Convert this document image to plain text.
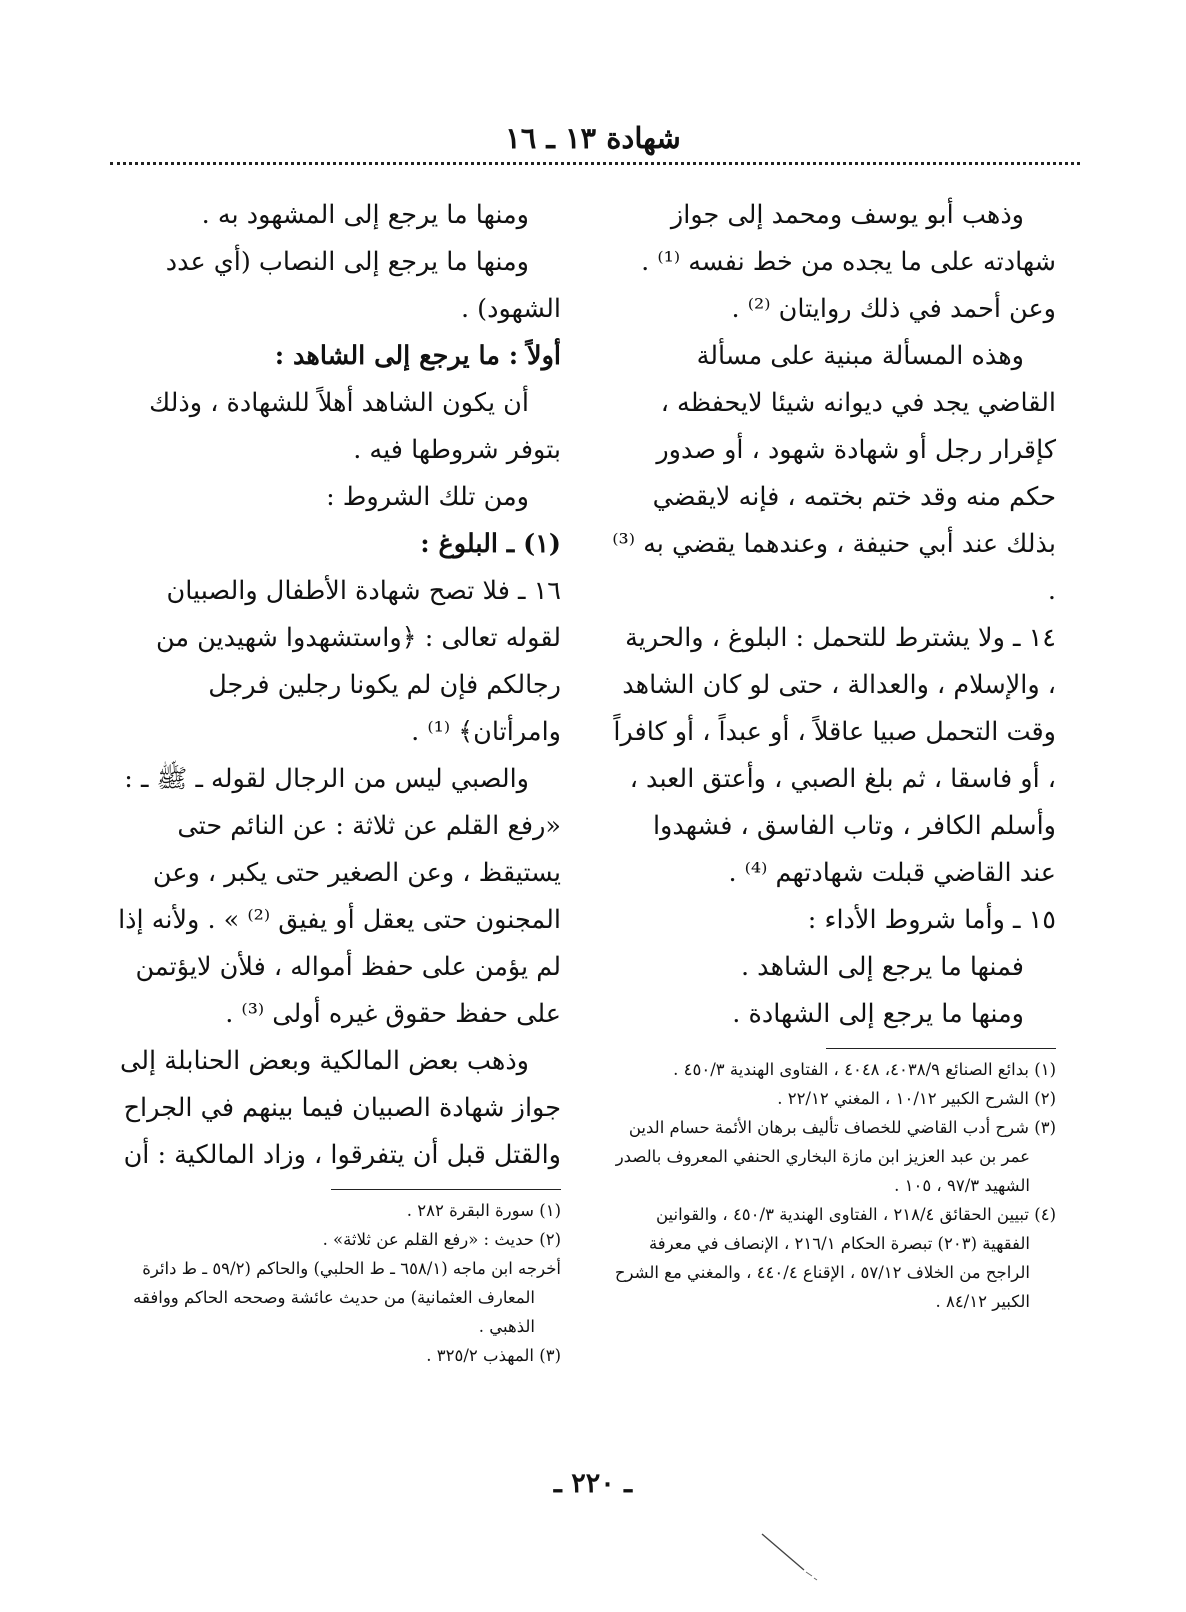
شهادة ١٣ ـ ١٦

وذهب أبو يوسف ومحمد إلى جواز شهادته على ما يجده من خط نفسه ⁽¹⁾ . وعن أحمد في ذلك روايتان ⁽²⁾ .

وهذه المسألة مبنية على مسألة القاضي يجد في ديوانه شيئا لايحفظه ، كإقرار رجل أو شهادة شهود ، أو صدور حكم منه وقد ختم بختمه ، فإنه لايقضي بذلك عند أبي حنيفة ، وعندهما يقضي به ⁽³⁾ .

١٤ ـ ولا يشترط للتحمل : البلوغ ، والحرية ، والإسلام ، والعدالة ، حتى لو كان الشاهد وقت التحمل صبيا عاقلاً ، أو عبداً ، أو كافراً ، أو فاسقا ، ثم بلغ الصبي ، وأعتق العبد ، وأسلم الكافر ، وتاب الفاسق ، فشهدوا عند القاضي قبلت شهادتهم ⁽⁴⁾ .

١٥ ـ وأما شروط الأداء :

فمنها ما يرجع إلى الشاهد .

ومنها ما يرجع إلى الشهادة .

(١) بدائع الصنائع ٤٠٣٨/٩، ٤٠٤٨ ، الفتاوى الهندية ٤٥٠/٣ .

(٢) الشرح الكبير ١٠/١٢ ، المغني ٢٢/١٢ .

(٣) شرح أدب القاضي للخصاف تأليف برهان الأئمة حسام الدين عمر بن عبد العزيز ابن مازة البخاري الحنفي المعروف بالصدر الشهيد ٩٧/٣ ، ١٠٥ .

(٤) تبيين الحقائق ٢١٨/٤ ، الفتاوى الهندية ٤٥٠/٣ ، والقوانين الفقهية (٢٠٣) تبصرة الحكام ٢١٦/١ ، الإنصاف في معرفة الراجح من الخلاف ٥٧/١٢ ، الإقناع ٤٤٠/٤ ، والمغني مع الشرح الكبير ٨٤/١٢ .

ومنها ما يرجع إلى المشهود به .

ومنها ما يرجع إلى النصاب (أي عدد الشهود) .

أولاً : ما يرجع إلى الشاهد :

أن يكون الشاهد أهلاً للشهادة ، وذلك بتوفر شروطها فيه .

ومن تلك الشروط :

(١) ـ البلوغ :

١٦ ـ فلا تصح شهادة الأطفال والصبيان لقوله تعالى : ﴿واستشهدوا شهيدين من رجالكم فإن لم يكونا رجلين فرجل وامرأتان﴾ ⁽¹⁾ .

والصبي ليس من الرجال لقوله ـ ﷺ ـ : «رفع القلم عن ثلاثة : عن النائم حتى يستيقظ ، وعن الصغير حتى يكبر ، وعن المجنون حتى يعقل أو يفيق ⁽²⁾ » . ولأنه إذا لم يؤمن على حفظ أمواله ، فلأن لايؤتمن على حفظ حقوق غيره أولى ⁽³⁾ .

وذهب بعض المالكية وبعض الحنابلة إلى جواز شهادة الصبيان فيما بينهم في الجراح والقتل قبل أن يتفرقوا ، وزاد المالكية : أن

(١) سورة البقرة ٢٨٢ .

(٢) حديث : «رفع القلم عن ثلاثة» .

أخرجه ابن ماجه (٦٥٨/١ ـ ط الحلبي) والحاكم (٥٩/٢ ـ ط دائرة المعارف العثمانية) من حديث عائشة وصححه الحاكم ووافقه الذهبي .

(٣) المهذب ٣٢٥/٢ .

ـ ٢٢٠ ـ
